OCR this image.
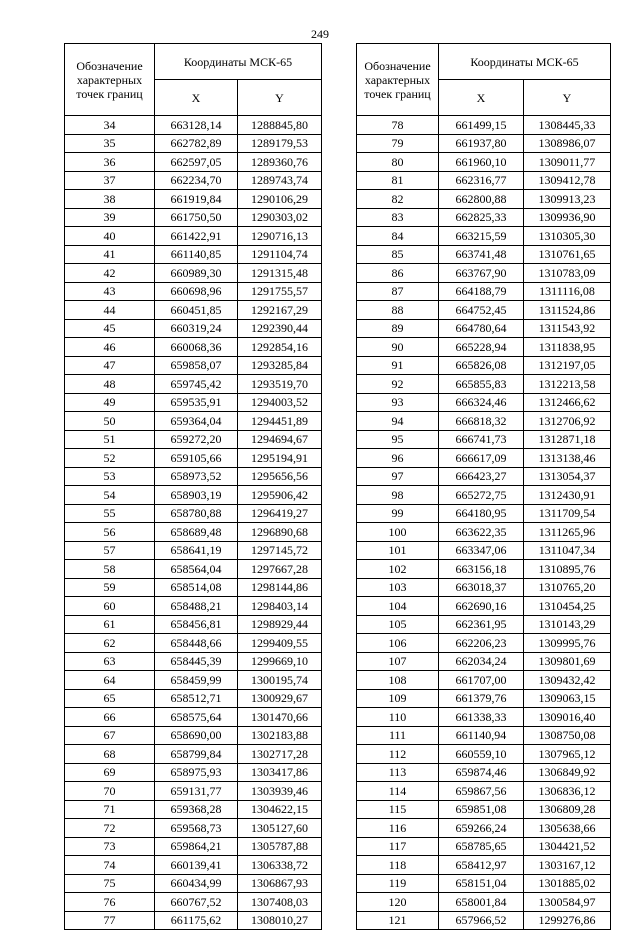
249
Обозначение характерных точек границ	Координаты МСК-65	
	X	Y
34	663128,14	1288845,80
35	662782,89	1289179,53
36	662597,05	1289360,76
37	662234,70	1289743,74
38	661919,84	1290106,29
39	661750,50	1290303,02
40	661422,91	1290716,13
41	661140,85	1291104,74
42	660989,30	1291315,48
43	660698,96	1291755,57
44	660451,85	1292167,29
45	660319,24	1292390,44
46	660068,36	1292854,16
47	659858,07	1293285,84
48	659745,42	1293519,70
49	659535,91	1294003,52
50	659364,04	1294451,89
51	659272,20	1294694,67
52	659105,66	1295194,91
53	658973,52	1295656,56
54	658903,19	1295906,42
55	658780,88	1296419,27
56	658689,48	1296890,68
57	658641,19	1297145,72
58	658564,04	1297667,28
59	658514,08	1298144,86
60	658488,21	1298403,14
61	658456,81	1298929,44
62	658448,66	1299409,55
63	658445,39	1299669,10
64	658459,99	1300195,74
65	658512,71	1300929,67
66	658575,64	1301470,66
67	658690,00	1302183,88
68	658799,84	1302717,28
69	658975,93	1303417,86
70	659131,77	1303939,46
71	659368,28	1304622,15
72	659568,73	1305127,60
73	659864,21	1305787,88
74	660139,41	1306338,72
75	660434,99	1306867,93
76	660767,52	1307408,03
77	661175,62	1308010,27
Обозначение характерных точек границ	Координаты МСК-65	
	X	Y
78	661499,15	1308445,33
79	661937,80	1308986,07
80	661960,10	1309011,77
81	662316,77	1309412,78
82	662800,88	1309913,23
83	662825,33	1309936,90
84	663215,59	1310305,30
85	663741,48	1310761,65
86	663767,90	1310783,09
87	664188,79	1311116,08
88	664752,45	1311524,86
89	664780,64	1311543,92
90	665228,94	1311838,95
91	665826,08	1312197,05
92	665855,83	1312213,58
93	666324,46	1312466,62
94	666818,32	1312706,92
95	666741,73	1312871,18
96	666617,09	1313138,46
97	666423,27	1313054,37
98	665272,75	1312430,91
99	664180,95	1311709,54
100	663622,35	1311265,96
101	663347,06	1311047,34
102	663156,18	1310895,76
103	663018,37	1310765,20
104	662690,16	1310454,25
105	662361,95	1310143,29
106	662206,23	1309995,76
107	662034,24	1309801,69
108	661707,00	1309432,42
109	661379,76	1309063,15
110	661338,33	1309016,40
111	661140,94	1308750,08
112	660559,10	1307965,12
113	659874,46	1306849,92
114	659867,56	1306836,12
115	659851,08	1306809,28
116	659266,24	1305638,66
117	658785,65	1304421,52
118	658412,97	1303167,12
119	658151,04	1301885,02
120	658001,84	1300584,97
121	657966,52	1299276,86
